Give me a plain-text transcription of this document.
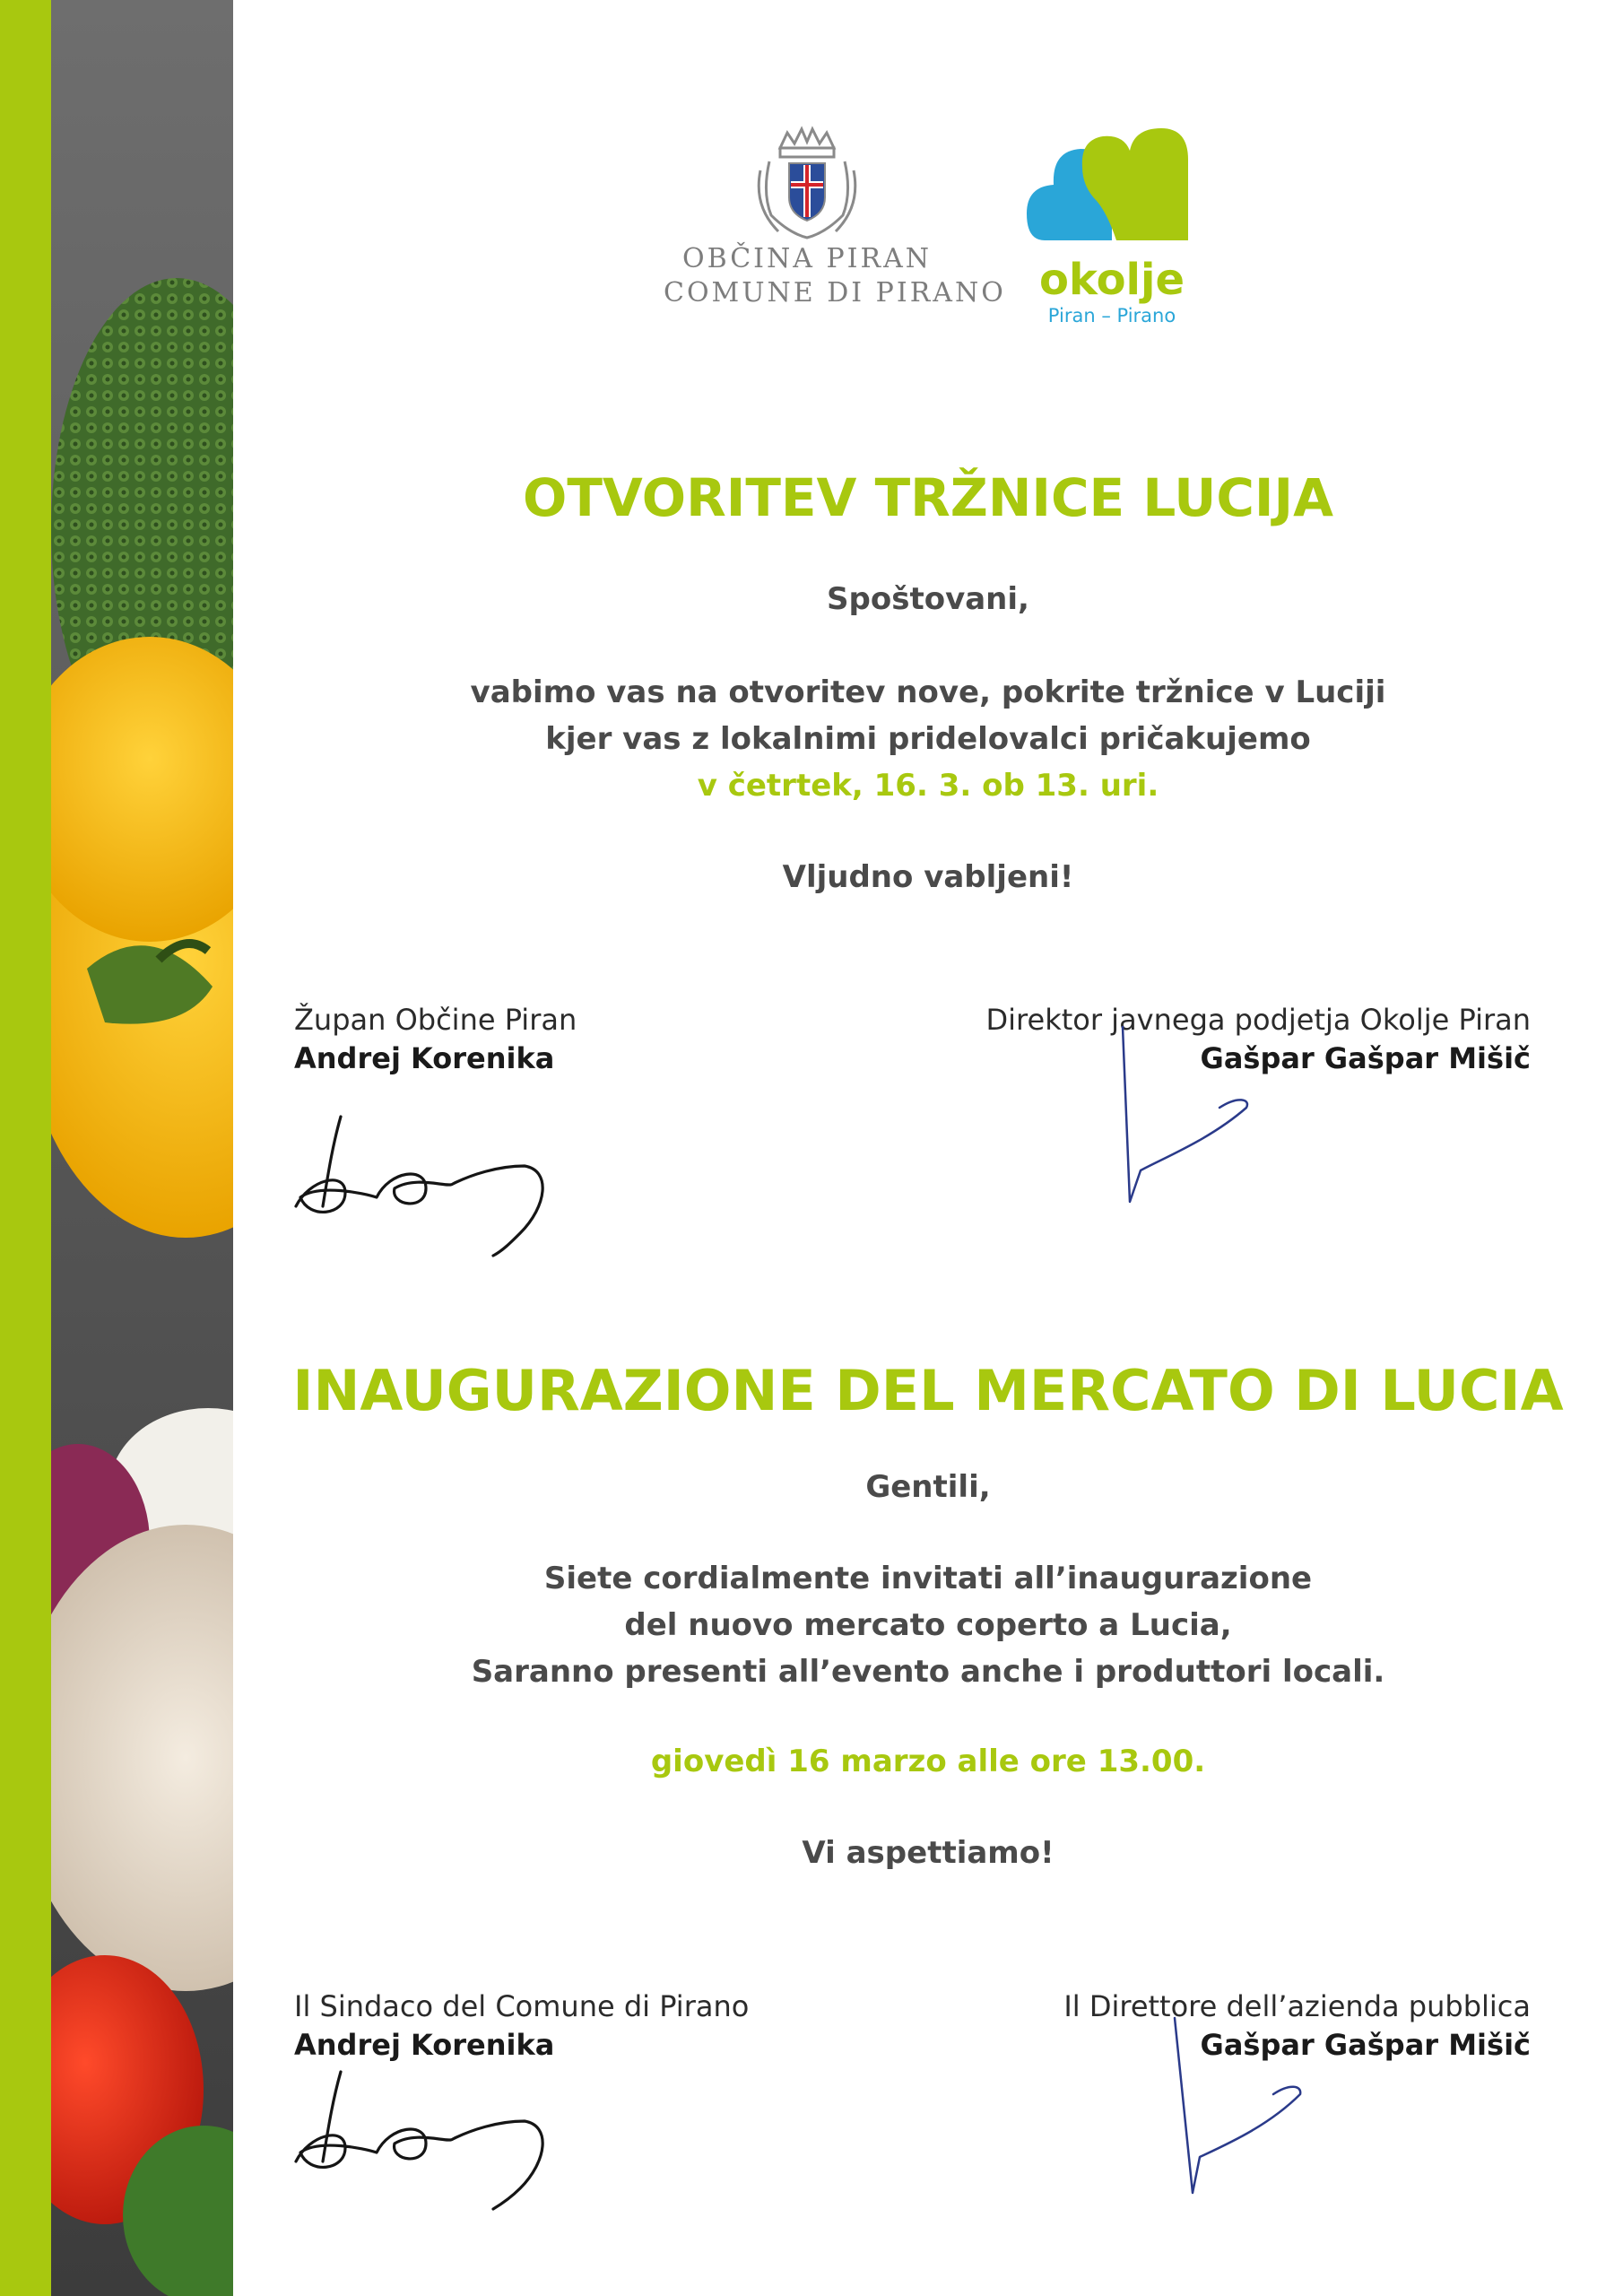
OBČINA PIRAN
COMUNE DI PIRANO okolje
Piran – Pirano
OTVORITEV TRŽNICE LUCIJA
Spoštovani,
vabimo vas na otvoritev nove, pokrite tržnice v Luciji
kjer vas z lokalnimi pridelovalci pričakujemo
v četrtek, 16. 3. ob 13. uri.
Vljudno vabljeni!
Župan Občine Piran
Andrej Korenika
Direktor javnega podjetja Okolje Piran
Gašpar Gašpar Mišič
INAUGURAZIONE DEL MERCATO DI LUCIA
Gentili,
Siete cordialmente invitati all’inaugurazione
del nuovo mercato coperto a Lucia,
Saranno presenti all’evento anche i produttori locali.
giovedì 16 marzo alle ore 13.00.
Vi aspettiamo!
Il Sindaco del Comune di Pirano
Andrej Korenika
Il Direttore dell’azienda pubblica
Gašpar Gašpar Mišič
